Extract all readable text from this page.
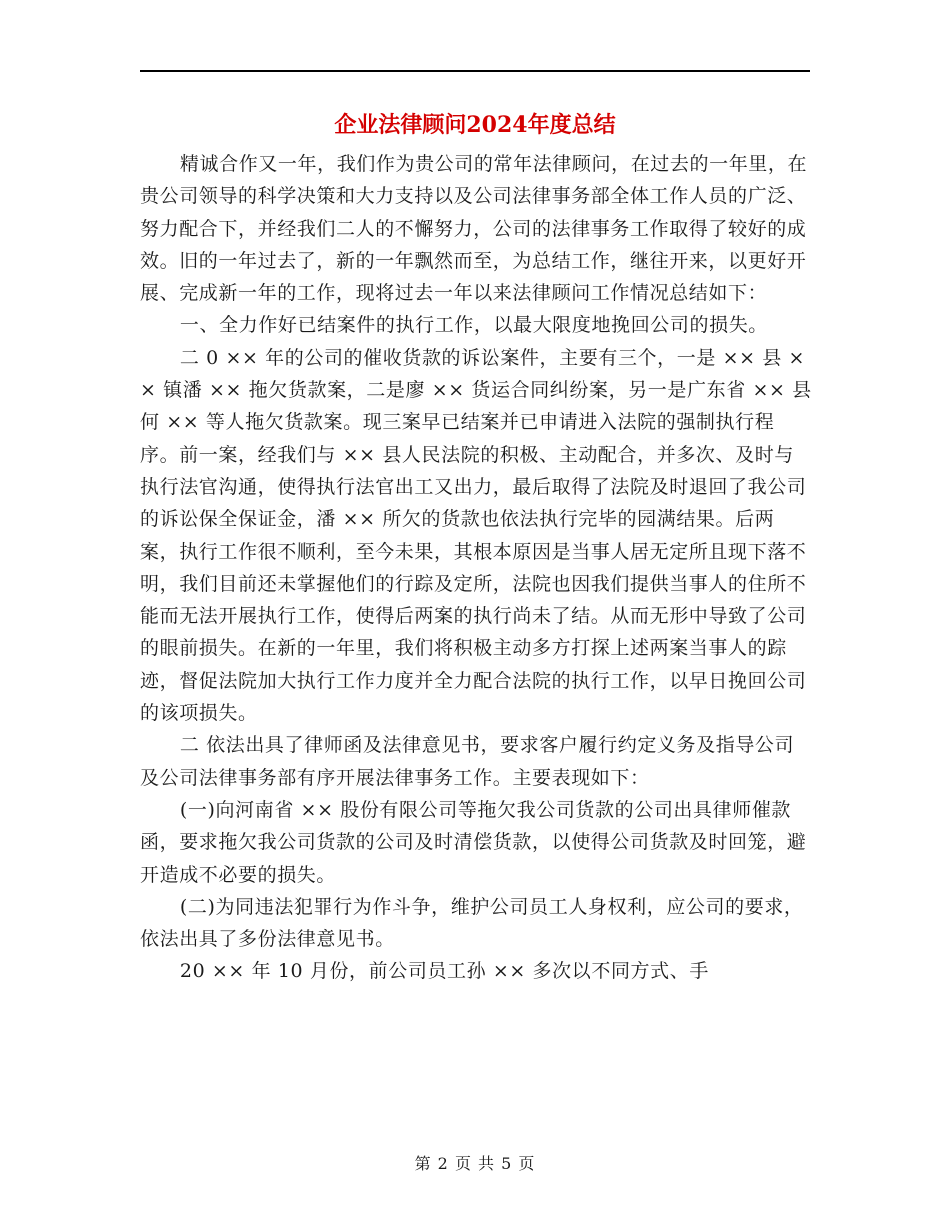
企业法律顾问2024年度总结

精诚合作又一年，我们作为贵公司的常年法律顾问，在过去的一年里，在贵公司领导的科学决策和大力支持以及公司法律事务部全体工作人员的广泛、努力配合下，并经我们二人的不懈努力，公司的法律事务工作取得了较好的成效。旧的一年过去了，新的一年飘然而至，为总结工作，继往开来，以更好开展、完成新一年的工作，现将过去一年以来法律顾问工作情况总结如下：

一、全力作好已结案件的执行工作，以最大限度地挽回公司的损失。

二 0 ×× 年的公司的催收货款的诉讼案件，主要有三个，一是 ×× 县 ×× 镇潘 ×× 拖欠货款案，二是廖 ×× 货运合同纠纷案，另一是广东省 ×× 县何 ×× 等人拖欠货款案。现三案早已结案并已申请进入法院的强制执行程序。前一案，经我们与 ×× 县人民法院的积极、主动配合，并多次、及时与执行法官沟通，使得执行法官出工又出力，最后取得了法院及时退回了我公司的诉讼保全保证金，潘 ×× 所欠的货款也依法执行完毕的园满结果。后两案，执行工作很不顺利，至今未果，其根本原因是当事人居无定所且现下落不明，我们目前还未掌握他们的行踪及定所，法院也因我们提供当事人的住所不能而无法开展执行工作，使得后两案的执行尚未了结。从而无形中导致了公司的眼前损失。在新的一年里，我们将积极主动多方打探上述两案当事人的踪迹，督促法院加大执行工作力度并全力配合法院的执行工作，以早日挽回公司的该项损失。

二 依法出具了律师函及法律意见书，要求客户履行约定义务及指导公司及公司法律事务部有序开展法律事务工作。主要表现如下：

(一)向河南省 ×× 股份有限公司等拖欠我公司货款的公司出具律师催款函，要求拖欠我公司货款的公司及时清偿货款，以使得公司货款及时回笼，避开造成不必要的损失。

(二)为同违法犯罪行为作斗争，维护公司员工人身权利，应公司的要求，依法出具了多份法律意见书。

20 ×× 年 10 月份，前公司员工孙 ×× 多次以不同方式、手

第 2 页 共 5 页
